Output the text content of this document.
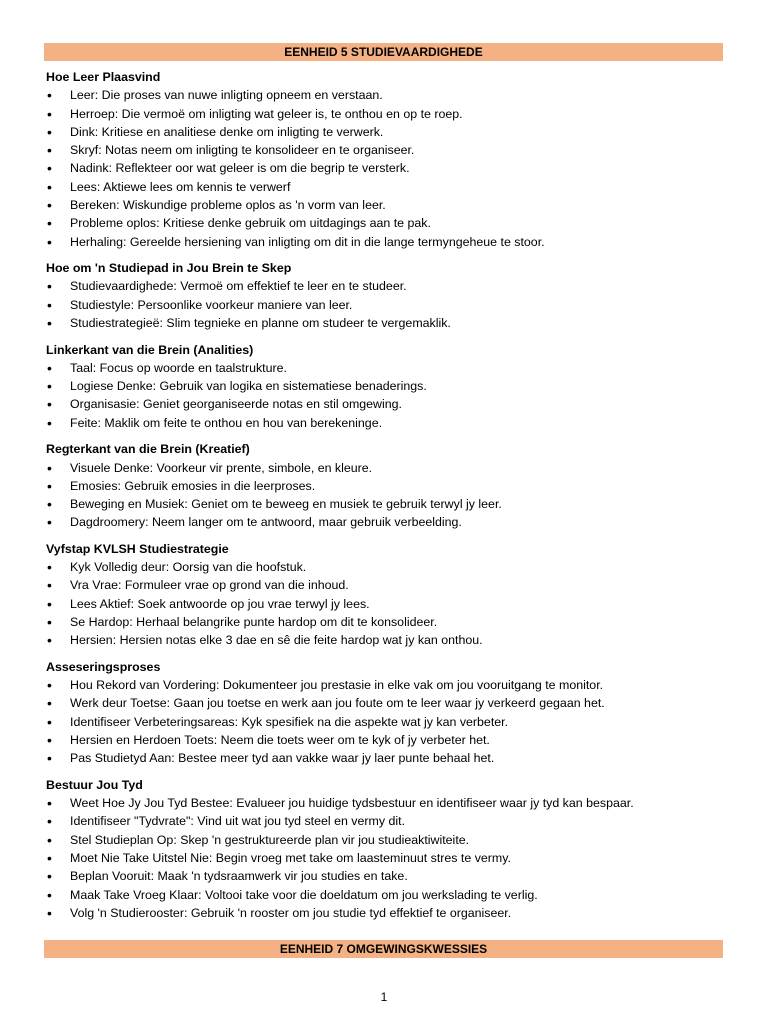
EENHEID 5 STUDIEVAARDIGHEDE

Hoe Leer Plaasvind

• Leer: Die proses van nuwe inligting opneem en verstaan.
• Herroep: Die vermoë om inligting wat geleer is, te onthou en op te roep.
• Dink: Kritiese en analitiese denke om inligting te verwerk.
• Skryf: Notas neem om inligting te konsolideer en te organiseer.
• Nadink: Reflekteer oor wat geleer is om die begrip te versterk.
• Lees: Aktiewe lees om kennis te verwerf
• Bereken: Wiskundige probleme oplos as 'n vorm van leer.
• Probleme oplos: Kritiese denke gebruik om uitdagings aan te pak.
• Herhaling: Gereelde hersiening van inligting om dit in die lange termyngeheue te stoor.

Hoe om 'n Studiepad in Jou Brein te Skep

• Studievaardighede: Vermoë om effektief te leer en te studeer.
• Studiestyle: Persoonlike voorkeur maniere van leer.
• Studiestrategieë: Slim tegnieke en planne om studeer te vergemaklik.

Linkerkant van die Brein (Analities)

• Taal: Focus op woorde en taalstrukture.
• Logiese Denke: Gebruik van logika en sistematiese benaderings.
• Organisasie: Geniet georganiseerde notas en stil omgewing.
• Feite: Maklik om feite te onthou en hou van berekeninge.

Regterkant van die Brein (Kreatief)

• Visuele Denke: Voorkeur vir prente, simbole, en kleure.
• Emosies: Gebruik emosies in die leerproses.
• Beweging en Musiek: Geniet om te beweeg en musiek te gebruik terwyl jy leer.
• Dagdroomery: Neem langer om te antwoord, maar gebruik verbeelding.

Vyfstap KVLSH Studiestrategie

• Kyk Volledig deur: Oorsig van die hoofstuk.
• Vra Vrae: Formuleer vrae op grond van die inhoud.
• Lees Aktief: Soek antwoorde op jou vrae terwyl jy lees.
• Se Hardop: Herhaal belangrike punte hardop om dit te konsolideer.
• Hersien: Hersien notas elke 3 dae en sê die feite hardop wat jy kan onthou.

Asseseringsproses

• Hou Rekord van Vordering: Dokumenteer jou prestasie in elke vak om jou vooruitgang te monitor.
• Werk deur Toetse: Gaan jou toetse en werk aan jou foute om te leer waar jy verkeerd gegaan het.
• Identifiseer Verbeteringsareas: Kyk spesifiek na die aspekte wat jy kan verbeter.
• Hersien en Herdoen Toets: Neem die toets weer om te kyk of jy verbeter het.
• Pas Studietyd Aan: Bestee meer tyd aan vakke waar jy laer punte behaal het.

Bestuur Jou Tyd

• Weet Hoe Jy Jou Tyd Bestee: Evalueer jou huidige tydsbestuur en identifiseer waar jy tyd kan bespaar.
• Identifiseer "Tydvrate": Vind uit wat jou tyd steel en vermy dit.
• Stel Studieplan Op: Skep 'n gestruktureerde plan vir jou studieaktiwiteite.
• Moet Nie Take Uitstel Nie: Begin vroeg met take om laasteminuut stres te vermy.
• Beplan Vooruit: Maak 'n tydsraamwerk vir jou studies en take.
• Maak Take Vroeg Klaar: Voltooi take voor die doeldatum om jou werkslading te verlig.
• Volg 'n Studierooster: Gebruik 'n rooster om jou studie tyd effektief te organiseer.
EENHEID 7 OMGEWINGSKWESSIES
1
